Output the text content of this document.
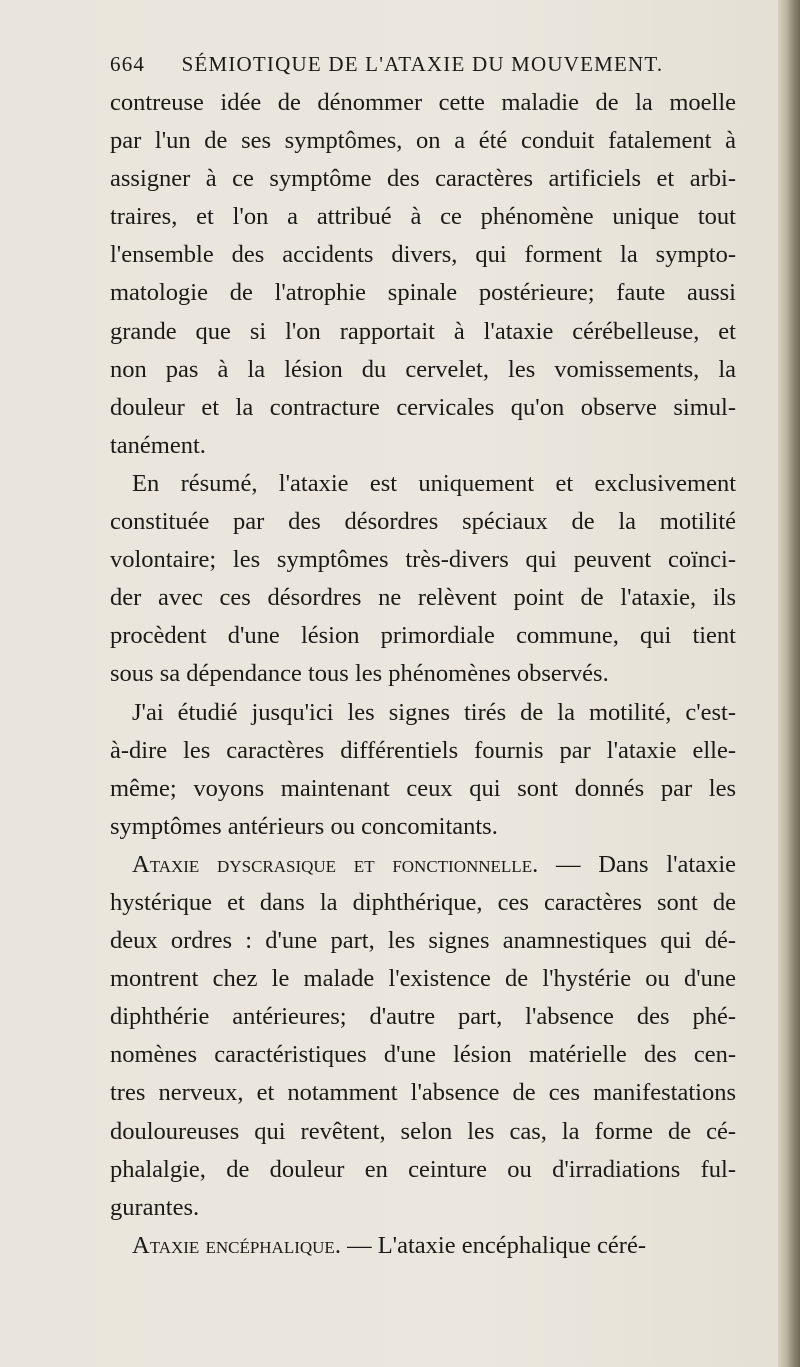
664 SÉMIOTIQUE DE L'ATAXIE DU MOUVEMENT.
contreuse idée de dénommer cette maladie de la moelle
par l'un de ses symptômes, on a été conduit fatalement à
assigner à ce symptôme des caractères artificiels et arbi-
traires, et l'on a attribué à ce phénomène unique tout
l'ensemble des accidents divers, qui forment la sympto-
matologie de l'atrophie spinale postérieure; faute aussi
grande que si l'on rapportait à l'ataxie cérébelleuse, et
non pas à la lésion du cervelet, les vomissements, la
douleur et la contracture cervicales qu'on observe simul-
tanément.
En résumé, l'ataxie est uniquement et exclusivement
constituée par des désordres spéciaux de la motilité
volontaire; les symptômes très-divers qui peuvent coïnci-
der avec ces désordres ne relèvent point de l'ataxie, ils
procèdent d'une lésion primordiale commune, qui tient
sous sa dépendance tous les phénomènes observés.
J'ai étudié jusqu'ici les signes tirés de la motilité, c'est-
à-dire les caractères différentiels fournis par l'ataxie elle-
même; voyons maintenant ceux qui sont donnés par les
symptômes antérieurs ou concomitants.
Ataxie dyscrasique et fonctionnelle. — Dans l'ataxie
hystérique et dans la diphthérique, ces caractères sont de
deux ordres : d'une part, les signes anamnestiques qui dé-
montrent chez le malade l'existence de l'hystérie ou d'une
diphthérie antérieures; d'autre part, l'absence des phé-
nomènes caractéristiques d'une lésion matérielle des cen-
tres nerveux, et notamment l'absence de ces manifestations
douloureuses qui revêtent, selon les cas, la forme de cé-
phalalgie, de douleur en ceinture ou d'irradiations ful-
gurantes.
Ataxie encéphalique. — L'ataxie encéphalique céré-
